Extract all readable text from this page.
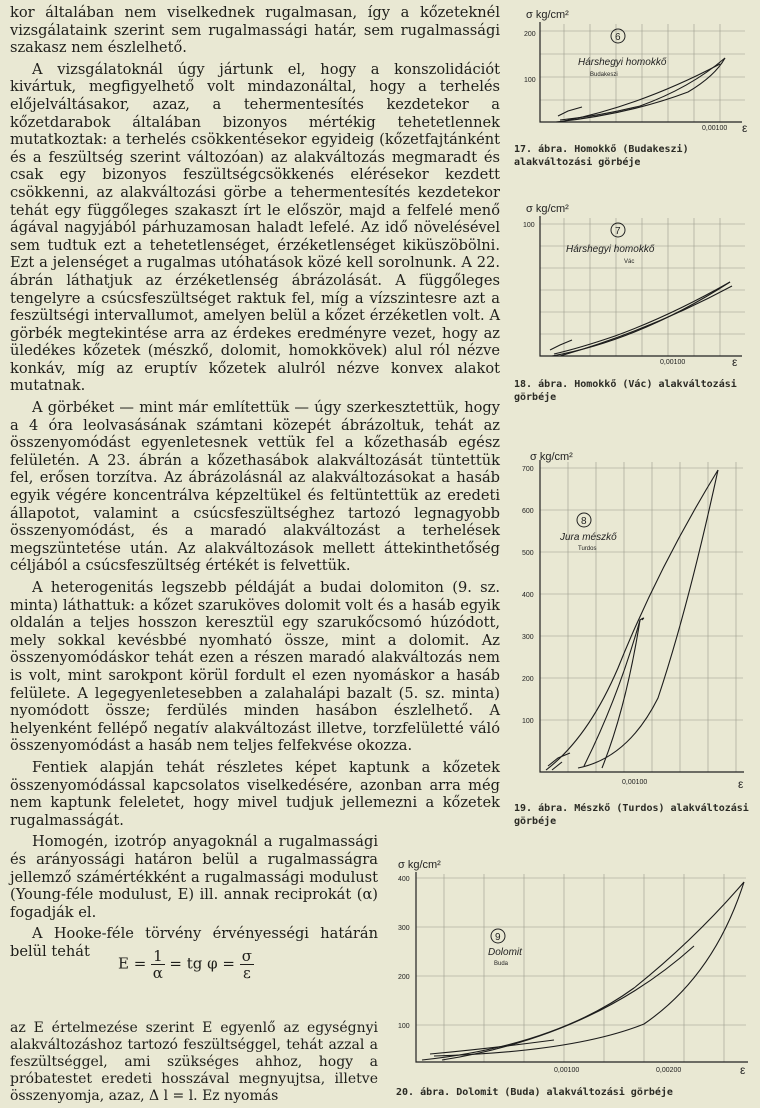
kor általában nem viselkednek rugalmasan, így a kőzeteknél vizsgálataink szerint sem rugalmassági határ, sem rugalmassági szakasz nem észlelhető.

A vizsgálatoknál úgy jártunk el, hogy a konszolidációt kivártuk, megfigyelhető volt mindazonáltal, hogy a terhelés előjelváltásakor, azaz, a tehermentesítés kezdetekor a kőzetdarabok általában bizonyos mértékig tehetetlennek mutatkoztak: a terhelés csökkentésekor egyideig (kőzetfajtánként és a feszültség szerint változóan) az alakváltozás megmaradt és csak egy bizonyos feszültségcsökkenés elérésekor kezdett csökkenni, az alakváltozási görbe a tehermentesítés kezdetekor tehát egy függőleges szakaszt írt le először, majd a felfelé menő ágával nagyjából párhuzamosan haladt lefelé. Az idő növelésével sem tudtuk ezt a tehetetlenséget, érzéketlenséget kiküszöbölni. Ezt a jelenséget a rugalmas utóhatások közé kell sorolnunk. A 22. ábrán láthatjuk az érzéketlenség ábrázolását. A függőleges tengelyre a csúcsfeszültséget raktuk fel, míg a vízszintesre azt a feszültségi intervallumot, amelyen belül a kőzet érzéketlen volt. A görbék megtekintése arra az érdekes eredményre vezet, hogy az üledékes kőzetek (mészkő, dolomit, homokkövek) alul ról nézve konkáv, míg az eruptív kőzetek alulról nézve konvex alakot mutatnak.

A görbéket — mint már említettük — úgy szerkesztettük, hogy a 4 óra leolvasásának számtani közepét ábrázoltuk, tehát az összenyomódást egyenletesnek vettük fel a kőzethasáb egész felületén. A 23. ábrán a kőzethasábok alakváltozását tüntettük fel, erősen torzítva. Az ábrázolásnál az alakváltozásokat a hasáb egyik végére koncentrálva képzeltükel és feltüntettük az eredeti állapotot, valamint a csúcsfeszültséghez tartozó legnagyobb összenyomódást, és a maradó alakváltozást a terhelések megszüntetése után. Az alakváltozások mellett áttekinthetőség céljából a csúcsfeszültség értékét is felvettük.

A heterogenitás legszebb példáját a budai dolomiton (9. sz. minta) láthattuk: a kőzet szaruköves dolomit volt és a hasáb egyik oldalán a teljes hosszon keresztül egy szarukőcsomó húzódott, mely sokkal kevésbbé nyomható össze, mint a dolomit. Az összenyomódáskor tehát ezen a részen maradó alakváltozás nem is volt, mint sarokpont körül fordult el ezen nyomáskor a hasáb felülete. A legegyenletesebben a zalahalápi bazalt (5. sz. minta) nyomódott össze; ferdülés minden hasábon észlelhető. A helyenként fellépő negatív alakváltozást illetve, torzfelületté váló összenyomódást a hasáb nem teljes felfekvése okozza.

Fentiek alapján tehát részletes képet kaptunk a kőzetek összenyomódással kapcsolatos viselkedésére, azonban arra még nem kaptunk feleletet, hogy mivel tudjuk jellemezni a kőzetek rugalmasságát.

Homogén, izotróp anyagoknál a rugalmassági és arányossági határon belül a rugalmasságra jellemző számértékként a rugalmassági modulust (Young-féle modulust, E) ill. annak reciprokát (α) fogadják el.

A Hooke-féle törvény érvényességi határán belül tehát

$E = \frac{1}{\alpha}$ = tg $\varphi = \frac{\sigma}{\varepsilon}$

az E értelmezése szerint E egyenlő az egységnyi alakváltozáshoz tartozó feszültséggel, tehát azzal a feszültséggel, ami szükséges ahhoz, hogy a próbatestet eredeti hosszával megnyujtsa, illetve összenyomja, azaz, Δ l = l. Ez nyomás

σ kg/cm²
200
100
0,00100 ε
6
Hárshegyi homokkő
Budakeszi
17. ábra. Homokkő (Budakeszi) alakváltozási görbéje
σ kg/cm²
100
0,00100	ε
7
Hárshegyi homokkő
Vác
18. ábra. Homokkő (Vác) alakváltozási görbéje
σ kg/cm²
700
600
500
400
300
200
100
0,00100	ε
8
Jura mészkő
Turdos
19. ábra. Mészkő (Turdos) alakváltozási görbéje
σ kg/cm²
400
300
200
100
0,00100	0,00200	ε
9
Dolomit
Buda
20. ábra. Dolomit (Buda) alakváltozási görbéje
